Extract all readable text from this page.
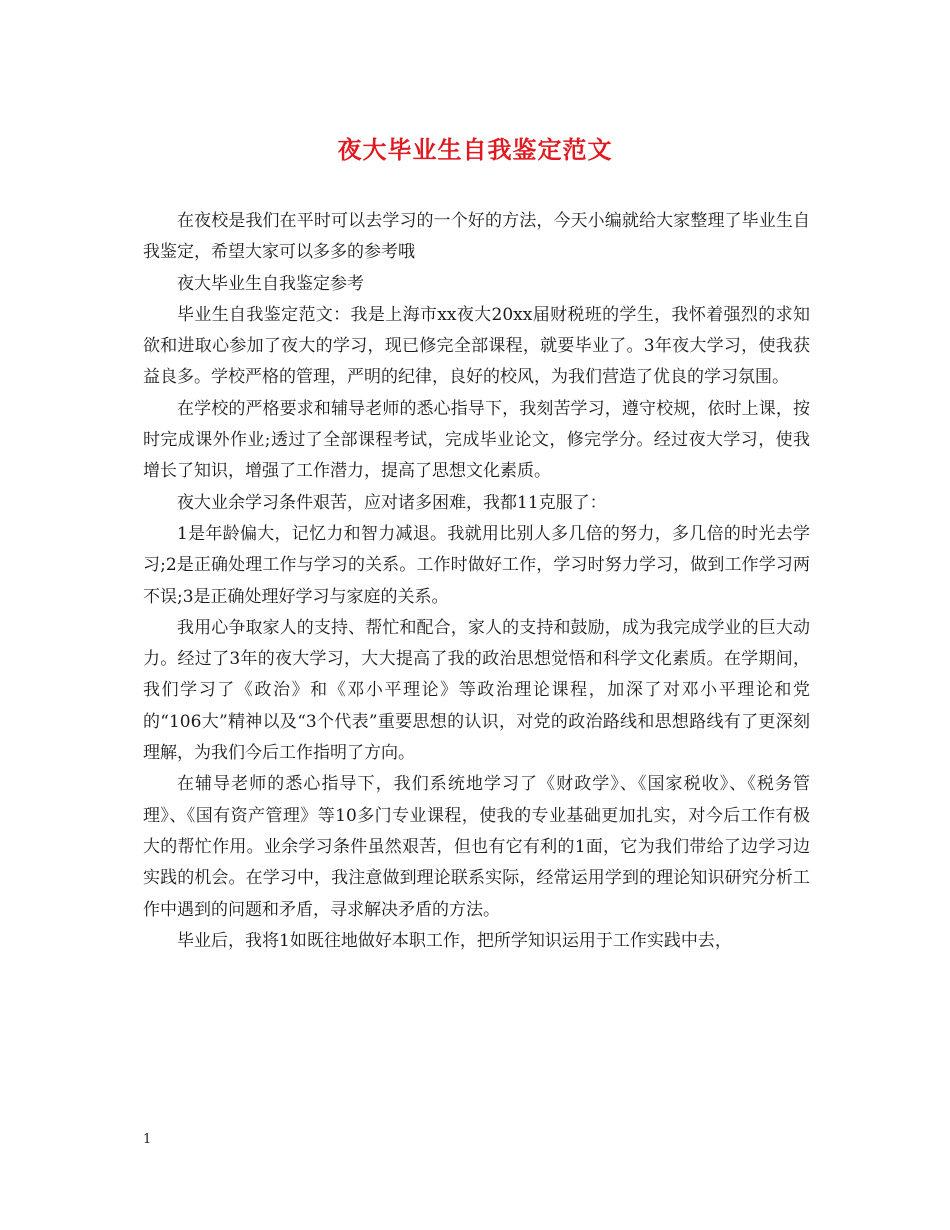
夜大毕业生自我鉴定范文

在夜校是我们在平时可以去学习的一个好的方法，今天小编就给大家整理了毕业生自我鉴定，希望大家可以多多的参考哦

夜大毕业生自我鉴定参考

毕业生自我鉴定范文：我是上海市xx夜大20xx届财税班的学生，我怀着强烈的求知欲和进取心参加了夜大的学习，现已修完全部课程，就要毕业了。3年夜大学习，使我获益良多。学校严格的管理，严明的纪律，良好的校风，为我们营造了优良的学习氛围。

在学校的严格要求和辅导老师的悉心指导下，我刻苦学习，遵守校规，依时上课，按时完成课外作业;透过了全部课程考试，完成毕业论文，修完学分。经过夜大学习，使我增长了知识，增强了工作潜力，提高了思想文化素质。

夜大业余学习条件艰苦，应对诸多困难，我都11克服了：

1是年龄偏大，记忆力和智力减退。我就用比别人多几倍的努力，多几倍的时光去学习;2是正确处理工作与学习的关系。工作时做好工作，学习时努力学习，做到工作学习两不误;3是正确处理好学习与家庭的关系。

我用心争取家人的支持、帮忙和配合，家人的支持和鼓励，成为我完成学业的巨大动力。经过了3年的夜大学习，大大提高了我的政治思想觉悟和科学文化素质。在学期间，我们学习了《政治》和《邓小平理论》等政治理论课程，加深了对邓小平理论和党的“106大”精神以及“3个代表”重要思想的认识，对党的政治路线和思想路线有了更深刻理解，为我们今后工作指明了方向。

在辅导老师的悉心指导下，我们系统地学习了《财政学》、《国家税收》、《税务管理》、《国有资产管理》等10多门专业课程，使我的专业基础更加扎实，对今后工作有极大的帮忙作用。业余学习条件虽然艰苦，但也有它有利的1面，它为我们带给了边学习边实践的机会。在学习中，我注意做到理论联系实际，经常运用学到的理论知识研究分析工作中遇到的问题和矛盾，寻求解决矛盾的方法。

毕业后，我将1如既往地做好本职工作，把所学知识运用于工作实践中去，

1
